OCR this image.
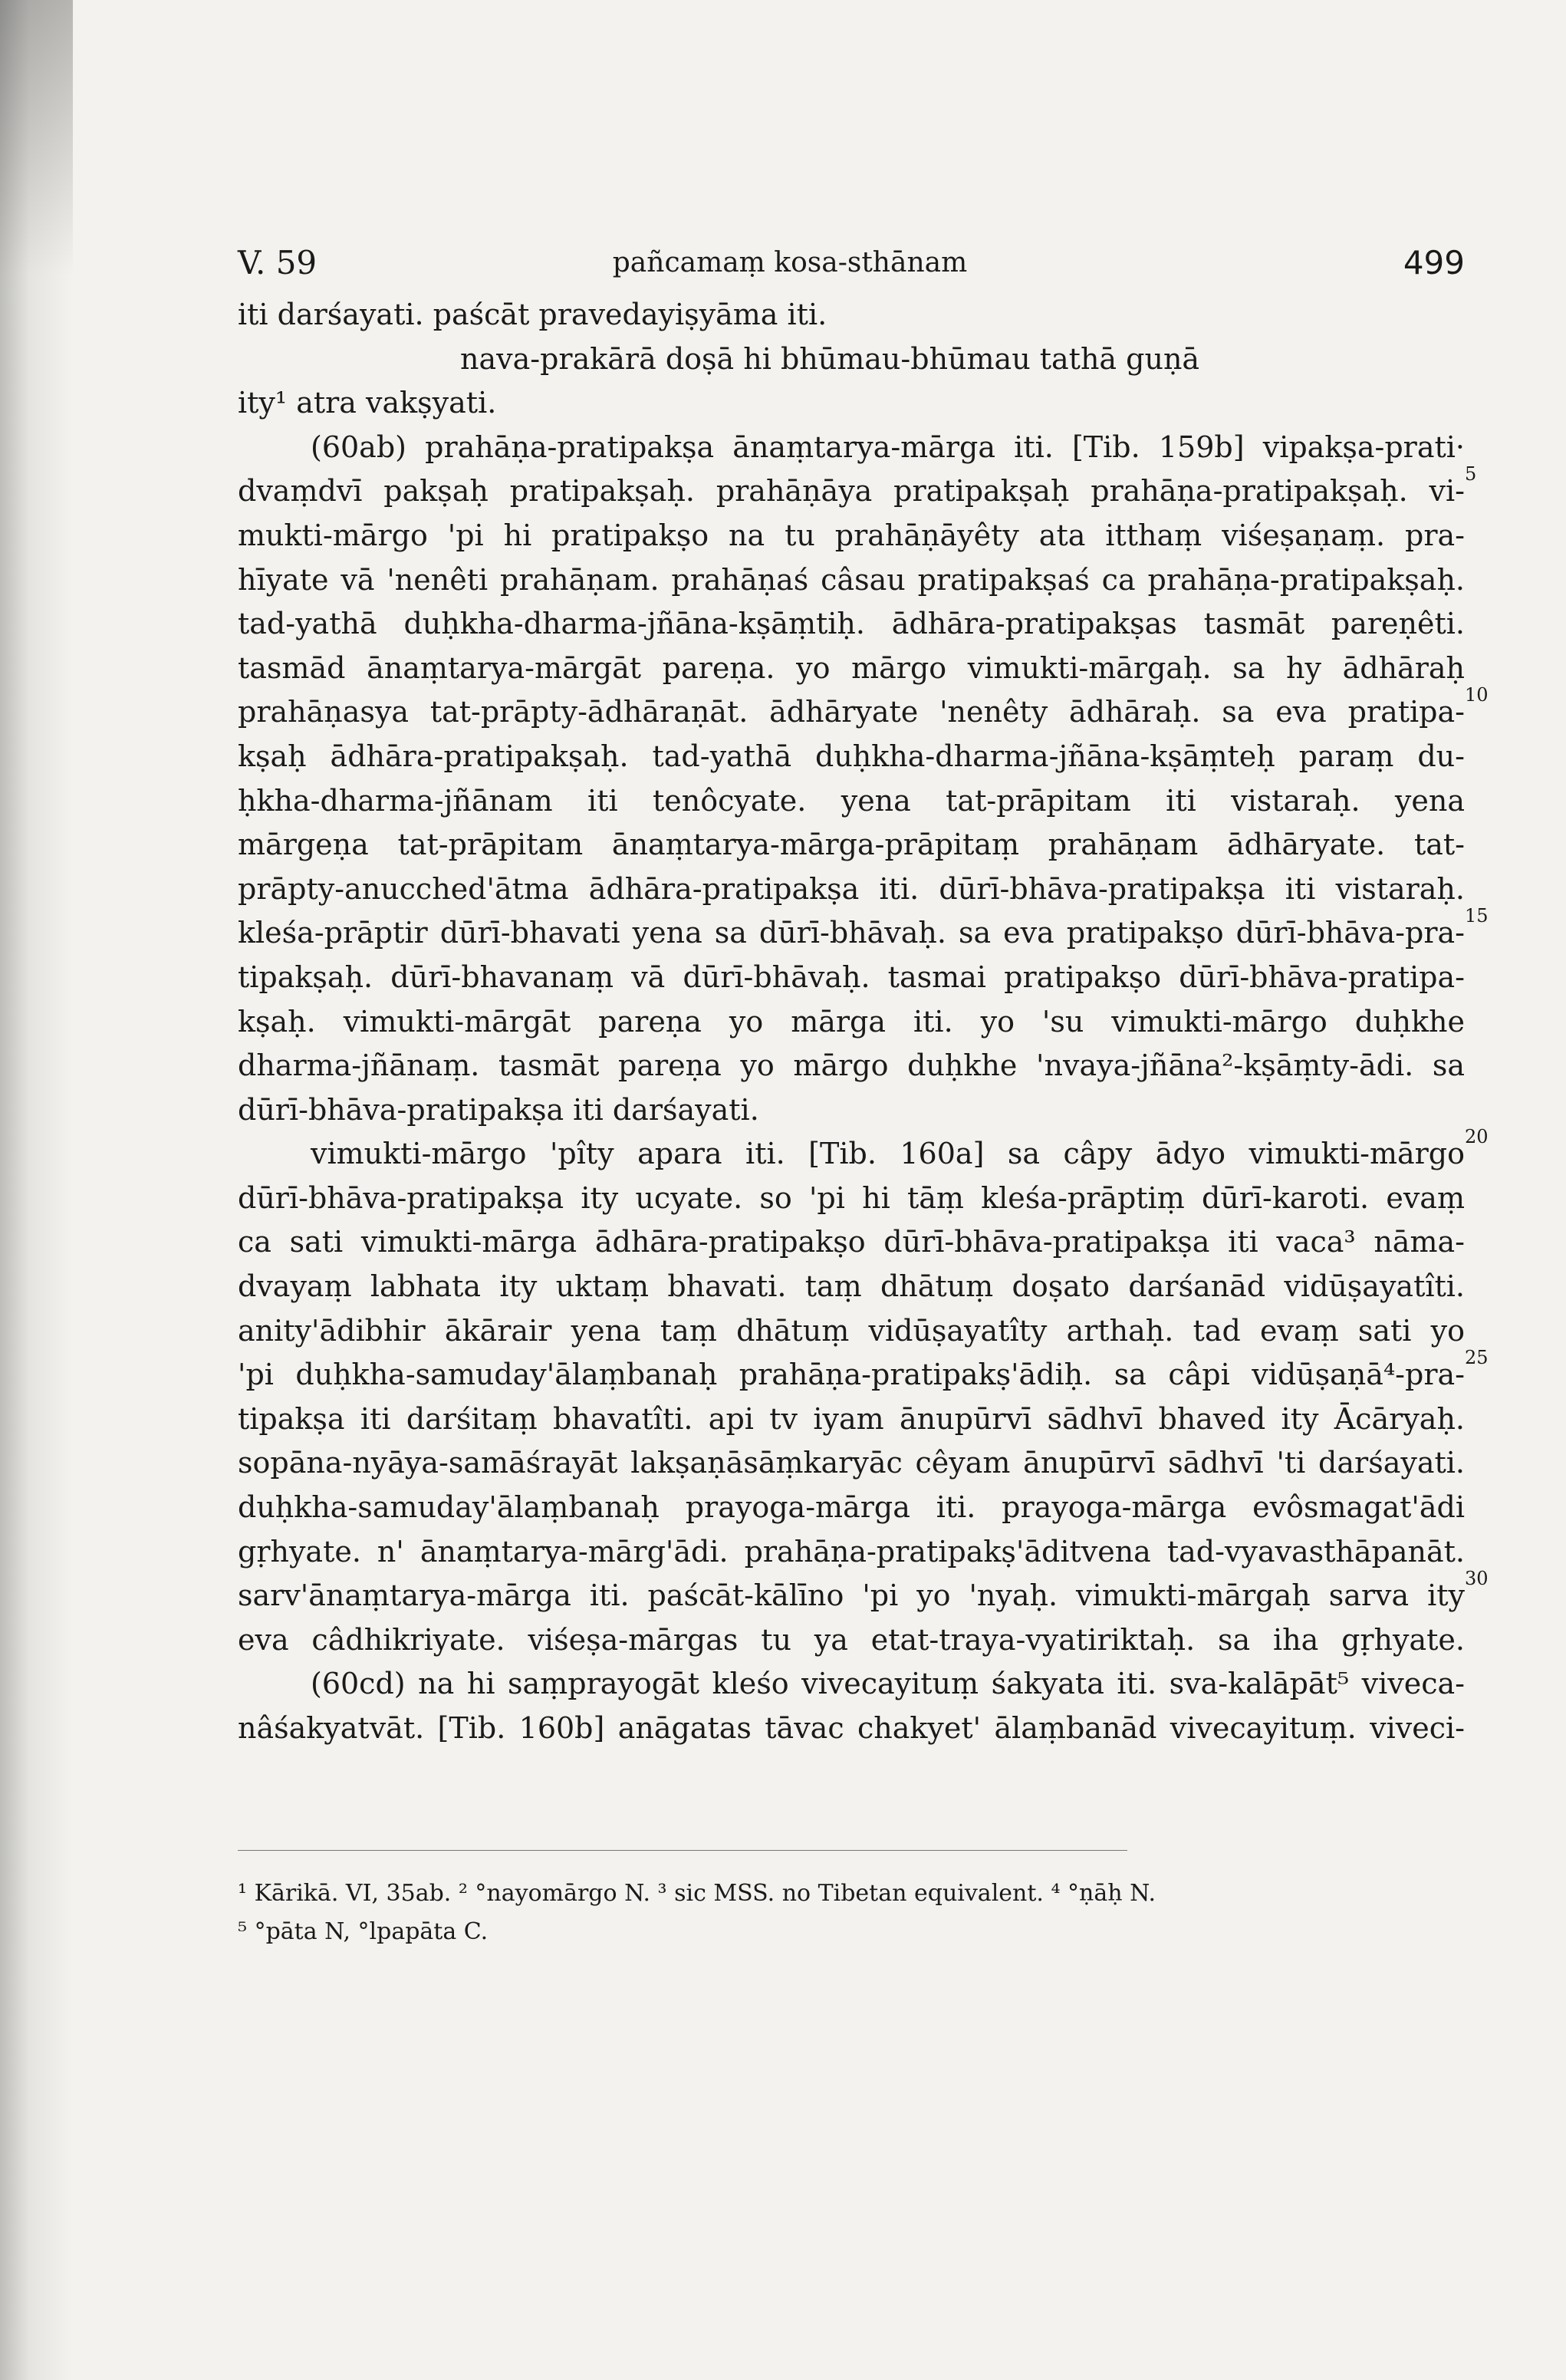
V. 59	pañcamaṃ kosa-sthānam	499
iti darśayati. paścāt pravedayiṣyāma iti.
nava-prakārā doṣā hi bhūmau-bhūmau tathā guṇā
ity¹ atra vakṣyati.
(60ab) prahāṇa-pratipakṣa ānaṃtarya-mārga iti. [Tib. 159b] vipakṣa-prati·
dvaṃdvī pakṣaḥ pratipakṣaḥ. prahāṇāya pratipakṣaḥ prahāṇa-pratipakṣaḥ. vi-
mukti-mārgo 'pi hi pratipakṣo na tu prahāṇāyêty ata itthaṃ viśeṣaṇaṃ. pra-
hīyate vā 'nenêti prahāṇam. prahāṇaś câsau pratipakṣaś ca prahāṇa-pratipakṣaḥ.
tad-yathā duḥkha-dharma-jñāna-kṣāṃtiḥ. ādhāra-pratipakṣas tasmāt pareṇêti.
tasmād ānaṃtarya-mārgāt pareṇa. yo mārgo vimukti-mārgaḥ. sa hy ādhāraḥ
prahāṇasya tat-prāpty-ādhāraṇāt. ādhāryate 'nenêty ādhāraḥ. sa eva pratipa-
kṣaḥ ādhāra-pratipakṣaḥ. tad-yathā duḥkha-dharma-jñāna-kṣāṃteḥ paraṃ du-
ḥkha-dharma-jñānam iti tenôcyate. yena tat-prāpitam iti vistaraḥ. yena
mārgeṇa tat-prāpitam ānaṃtarya-mārga-prāpitaṃ prahāṇam ādhāryate. tat-
prāpty-anucched'ātma ādhāra-pratipakṣa iti. dūrī-bhāva-pratipakṣa iti vistaraḥ.
kleśa-prāptir dūrī-bhavati yena sa dūrī-bhāvaḥ. sa eva pratipakṣo dūrī-bhāva-pra-
tipakṣaḥ. dūrī-bhavanaṃ vā dūrī-bhāvaḥ. tasmai pratipakṣo dūrī-bhāva-pratipa-
kṣaḥ. vimukti-mārgāt pareṇa yo mārga iti. yo 'su vimukti-mārgo duḥkhe
dharma-jñānaṃ. tasmāt pareṇa yo mārgo duḥkhe 'nvaya-jñāna²-kṣāṃty-ādi. sa
dūrī-bhāva-pratipakṣa iti darśayati.
vimukti-mārgo 'pîty apara iti. [Tib. 160a] sa câpy ādyo vimukti-mārgo
dūrī-bhāva-pratipakṣa ity ucyate. so 'pi hi tāṃ kleśa-prāptiṃ dūrī-karoti. evaṃ
ca sati vimukti-mārga ādhāra-pratipakṣo dūrī-bhāva-pratipakṣa iti vaca³ nāma-
dvayaṃ labhata ity uktaṃ bhavati. taṃ dhātuṃ doṣato darśanād vidūṣayatîti.
anity'ādibhir ākārair yena taṃ dhātuṃ vidūṣayatîty arthaḥ. tad evaṃ sati yo
'pi duḥkha-samuday'ālaṃbanaḥ prahāṇa-pratipakṣ'ādiḥ. sa câpi vidūṣaṇā⁴-pra-
tipakṣa iti darśitaṃ bhavatîti. api tv iyam ānupūrvī sādhvī bhaved ity Ācāryaḥ.
sopāna-nyāya-samāśrayāt lakṣaṇāsāṃkaryāc cêyam ānupūrvī sādhvī 'ti darśayati.
duḥkha-samuday'ālaṃbanaḥ prayoga-mārga iti. prayoga-mārga evôsmagat'ādi
gṛhyate. n' ānaṃtarya-mārg'ādi. prahāṇa-pratipakṣ'āditvena tad-vyavasthāpanāt.
sarv'ānaṃtarya-mārga iti. paścāt-kālīno 'pi yo 'nyaḥ. vimukti-mārgaḥ sarva ity
eva câdhikriyate. viśeṣa-mārgas tu ya etat-traya-vyatiriktaḥ. sa iha gṛhyate.
(60cd) na hi saṃprayogāt kleśo vivecayituṃ śakyata iti. sva-kalāpāt⁵ viveca-
nâśakyatvāt. [Tib. 160b] anāgatas tāvac chakyet' ālaṃbanād vivecayituṃ. viveci-
5
10
15
20
25
30
¹ Kārikā. VI, 35ab. ² °nayomārgo N. ³ sic MSS. no Tibetan equivalent. ⁴ °ṇāḥ N.
⁵ °pāta N, °lpapāta C.
